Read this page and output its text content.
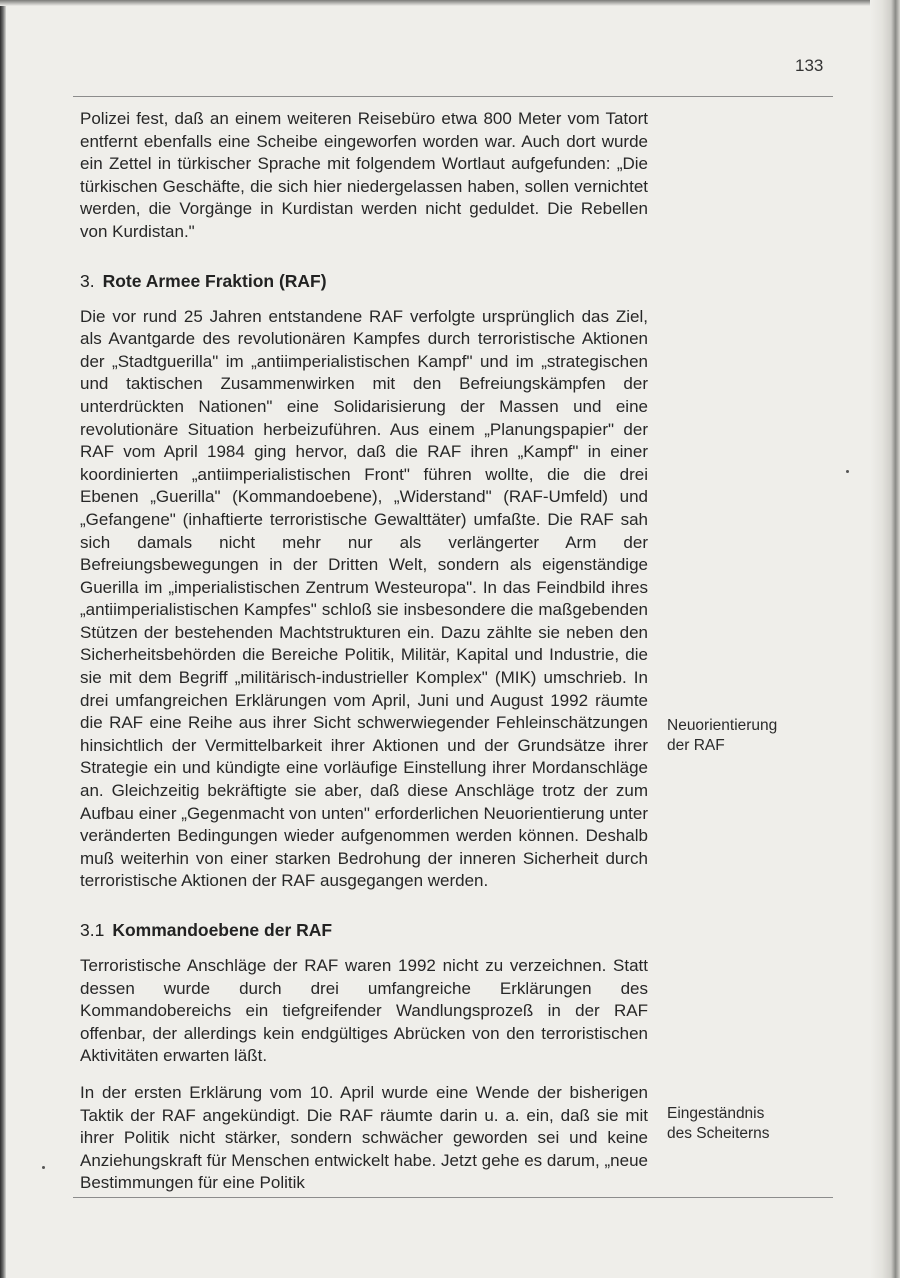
133

Polizei fest, daß an einem weiteren Reisebüro etwa 800 Meter vom Tatort entfernt ebenfalls eine Scheibe eingeworfen worden war. Auch dort wurde ein Zettel in türkischer Sprache mit folgendem Wortlaut aufgefunden: „Die türkischen Geschäfte, die sich hier niedergelassen haben, sollen vernichtet werden, die Vorgänge in Kurdistan werden nicht geduldet. Die Rebellen von Kurdistan."

3. Rote Armee Fraktion (RAF)

Die vor rund 25 Jahren entstandene RAF verfolgte ursprünglich das Ziel, als Avantgarde des revolutionären Kampfes durch terroristische Aktionen der „Stadtguerilla" im „antiimperialistischen Kampf" und im „strategischen und taktischen Zusammenwirken mit den Befreiungskämpfen der unterdrückten Nationen" eine Solidarisierung der Massen und eine revolutionäre Situation herbeizuführen. Aus einem „Planungspapier" der RAF vom April 1984 ging hervor, daß die RAF ihren „Kampf" in einer koordinierten „antiimperialistischen Front" führen wollte, die die drei Ebenen „Guerilla" (Kommandoebene), „Widerstand" (RAF-Umfeld) und „Gefangene" (inhaftierte terroristische Gewalttäter) umfaßte. Die RAF sah sich damals nicht mehr nur als verlängerter Arm der Befreiungsbewegungen in der Dritten Welt, sondern als eigenständige Guerilla im „imperialistischen Zentrum Westeuropa". In das Feindbild ihres „antiimperialistischen Kampfes" schloß sie insbesondere die maßgebenden Stützen der bestehenden Machtstrukturen ein. Dazu zählte sie neben den Sicherheitsbehörden die Bereiche Politik, Militär, Kapital und Industrie, die sie mit dem Begriff „militärisch-industrieller Komplex" (MIK) umschrieb. In drei umfangreichen Erklärungen vom April, Juni und August 1992 räumte die RAF eine Reihe aus ihrer Sicht schwerwiegender Fehleinschätzungen hinsichtlich der Vermittelbarkeit ihrer Aktionen und der Grundsätze ihrer Strategie ein und kündigte eine vorläufige Einstellung ihrer Mordanschläge an. Gleichzeitig bekräftigte sie aber, daß diese Anschläge trotz der zum Aufbau einer „Gegenmacht von unten" erforderlichen Neuorientierung unter veränderten Bedingungen wieder aufgenommen werden können. Deshalb muß weiterhin von einer starken Bedrohung der inneren Sicherheit durch terroristische Aktionen der RAF ausgegangen werden.

3.1 Kommandoebene der RAF

Terroristische Anschläge der RAF waren 1992 nicht zu verzeichnen. Statt dessen wurde durch drei umfangreiche Erklärungen des Kommandobereichs ein tiefgreifender Wandlungsprozeß in der RAF offenbar, der allerdings kein endgültiges Abrücken von den terroristischen Aktivitäten erwarten läßt.

In der ersten Erklärung vom 10. April wurde eine Wende der bisherigen Taktik der RAF angekündigt. Die RAF räumte darin u. a. ein, daß sie mit ihrer Politik nicht stärker, sondern schwächer geworden sei und keine Anziehungskraft für Menschen entwickelt habe. Jetzt gehe es darum, „neue Bestimmungen für eine Politik

Neuorientierung
der RAF
Eingeständnis
des Scheiterns
